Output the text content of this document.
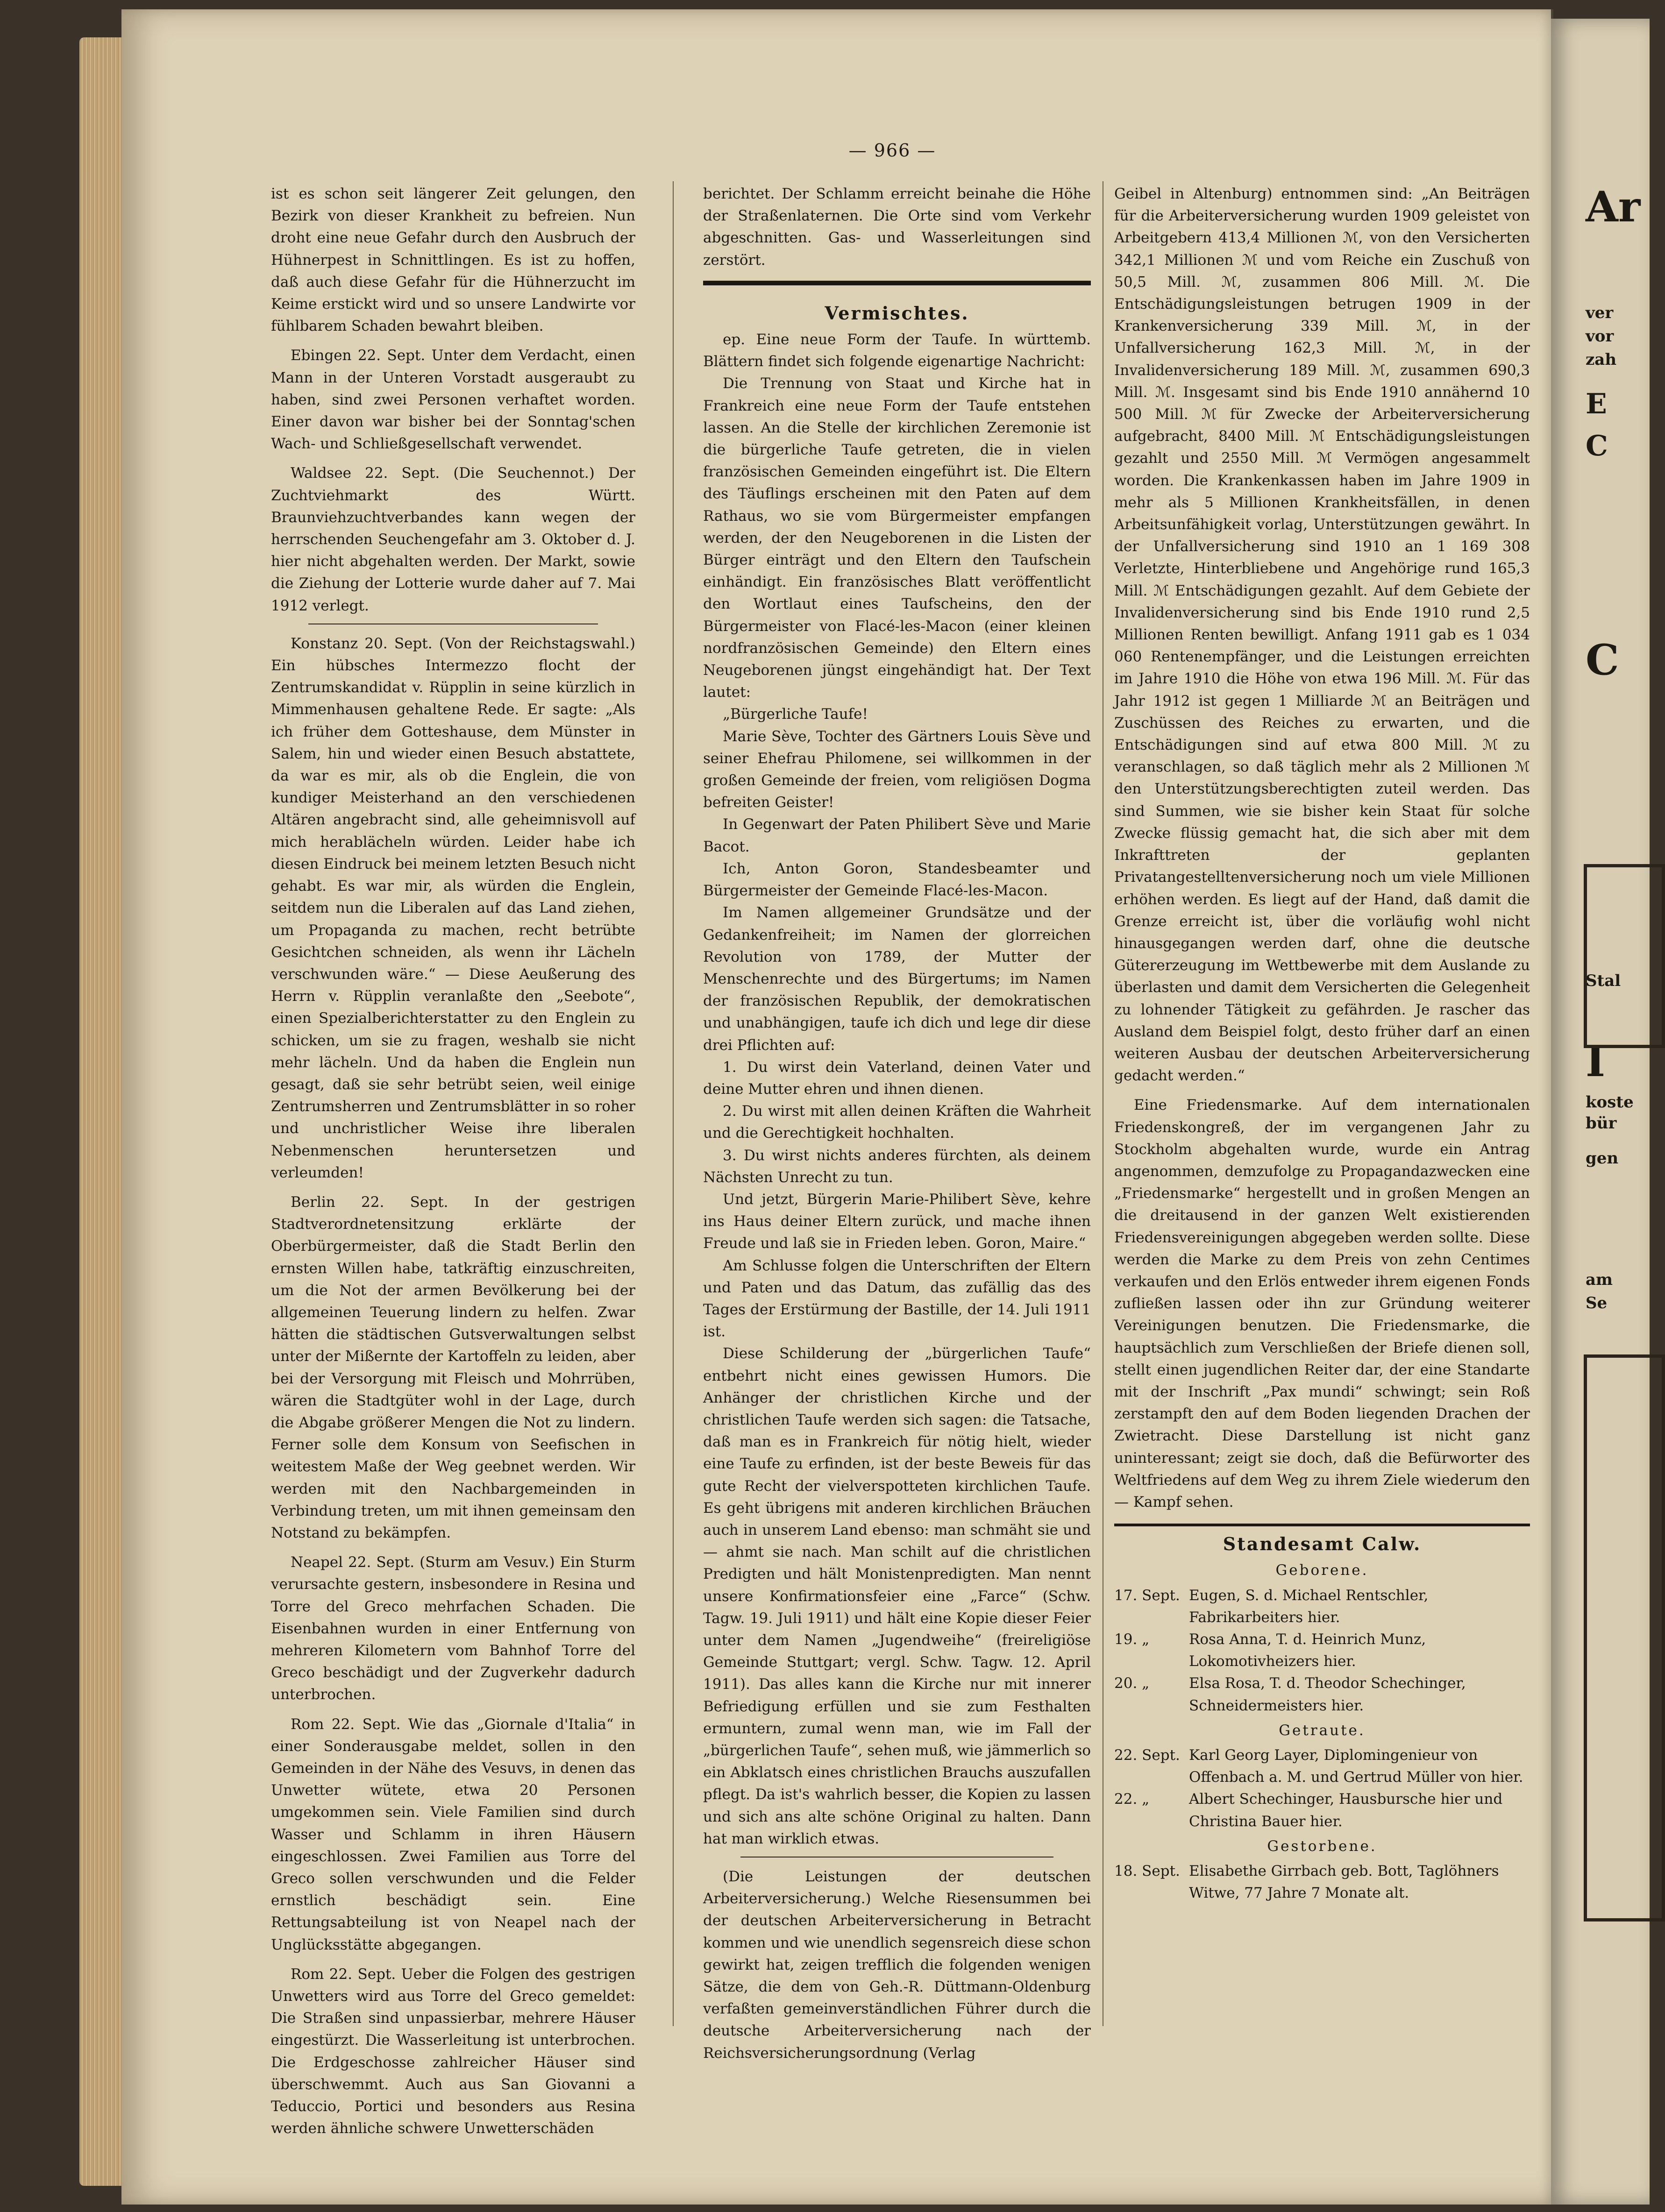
— 966 —

ist es schon seit längerer Zeit gelungen, den Bezirk von dieser Krankheit zu befreien. Nun droht eine neue Gefahr durch den Ausbruch der Hühnerpest in Schnittlingen. Es ist zu hoffen, daß auch diese Gefahr für die Hühnerzucht im Keime erstickt wird und so unsere Landwirte vor fühlbarem Schaden bewahrt bleiben.

Ebingen 22. Sept. Unter dem Verdacht, einen Mann in der Unteren Vorstadt ausgeraubt zu haben, sind zwei Personen verhaftet worden. Einer davon war bisher bei der Sonntag'schen Wach- und Schließgesellschaft verwendet.

Waldsee 22. Sept. (Die Seuchennot.) Der Zuchtviehmarkt des Württ. Braunviehzuchtverbandes kann wegen der herrschenden Seuchengefahr am 3. Oktober d. J. hier nicht abgehalten werden. Der Markt, sowie die Ziehung der Lotterie wurde daher auf 7. Mai 1912 verlegt.

Konstanz 20. Sept. (Von der Reichstagswahl.) Ein hübsches Intermezzo flocht der Zentrumskandidat v. Rüpplin in seine kürzlich in Mimmenhausen gehaltene Rede. Er sagte: „Als ich früher dem Gotteshause, dem Münster in Salem, hin und wieder einen Besuch abstattete, da war es mir, als ob die Englein, die von kundiger Meisterhand an den verschiedenen Altären angebracht sind, alle geheimnisvoll auf mich herablächeln würden. Leider habe ich diesen Eindruck bei meinem letzten Besuch nicht gehabt. Es war mir, als würden die Englein, seitdem nun die Liberalen auf das Land ziehen, um Propaganda zu machen, recht betrübte Gesichtchen schneiden, als wenn ihr Lächeln verschwunden wäre.“ — Diese Aeußerung des Herrn v. Rüpplin veranlaßte den „Seebote“, einen Spezialberichterstatter zu den Englein zu schicken, um sie zu fragen, weshalb sie nicht mehr lächeln. Und da haben die Englein nun gesagt, daß sie sehr betrübt seien, weil einige Zentrumsherren und Zentrumsblätter in so roher und unchristlicher Weise ihre liberalen Nebenmenschen heruntersetzen und verleumden!

Berlin 22. Sept. In der gestrigen Stadtverordnetensitzung erklärte der Oberbürgermeister, daß die Stadt Berlin den ernsten Willen habe, tatkräftig einzuschreiten, um die Not der armen Bevölkerung bei der allgemeinen Teuerung lindern zu helfen. Zwar hätten die städtischen Gutsverwaltungen selbst unter der Mißernte der Kartoffeln zu leiden, aber bei der Versorgung mit Fleisch und Mohrrüben, wären die Stadtgüter wohl in der Lage, durch die Abgabe größerer Mengen die Not zu lindern. Ferner solle dem Konsum von Seefischen in weitestem Maße der Weg geebnet werden. Wir werden mit den Nachbargemeinden in Verbindung treten, um mit ihnen gemeinsam den Notstand zu bekämpfen.

Neapel 22. Sept. (Sturm am Vesuv.) Ein Sturm verursachte gestern, insbesondere in Resina und Torre del Greco mehrfachen Schaden. Die Eisenbahnen wurden in einer Entfernung von mehreren Kilometern vom Bahnhof Torre del Greco beschädigt und der Zugverkehr dadurch unterbrochen.

Rom 22. Sept. Wie das „Giornale d'Italia“ in einer Sonderausgabe meldet, sollen in den Gemeinden in der Nähe des Vesuvs, in denen das Unwetter wütete, etwa 20 Personen umgekommen sein. Viele Familien sind durch Wasser und Schlamm in ihren Häusern eingeschlossen. Zwei Familien aus Torre del Greco sollen verschwunden und die Felder ernstlich beschädigt sein. Eine Rettungsabteilung ist von Neapel nach der Unglücksstätte abgegangen.

Rom 22. Sept. Ueber die Folgen des gestrigen Unwetters wird aus Torre del Greco gemeldet: Die Straßen sind unpassierbar, mehrere Häuser eingestürzt. Die Wasserleitung ist unterbrochen. Die Erdgeschosse zahlreicher Häuser sind überschwemmt. Auch aus San Giovanni a Teduccio, Portici und besonders aus Resina werden ähnliche schwere Unwetterschäden

berichtet. Der Schlamm erreicht beinahe die Höhe der Straßenlaternen. Die Orte sind vom Verkehr abgeschnitten. Gas- und Wasserleitungen sind zerstört.

Vermischtes.

ep. Eine neue Form der Taufe. In württemb. Blättern findet sich folgende eigenartige Nachricht:

Die Trennung von Staat und Kirche hat in Frankreich eine neue Form der Taufe entstehen lassen. An die Stelle der kirchlichen Zeremonie ist die bürgerliche Taufe getreten, die in vielen französischen Gemeinden eingeführt ist. Die Eltern des Täuflings erscheinen mit den Paten auf dem Rathaus, wo sie vom Bürgermeister empfangen werden, der den Neugeborenen in die Listen der Bürger einträgt und den Eltern den Taufschein einhändigt. Ein französisches Blatt veröffentlicht den Wortlaut eines Taufscheins, den der Bürgermeister von Flacé-les-Macon (einer kleinen nordfranzösischen Gemeinde) den Eltern eines Neugeborenen jüngst eingehändigt hat. Der Text lautet:

„Bürgerliche Taufe!

Marie Sève, Tochter des Gärtners Louis Sève und seiner Ehefrau Philomene, sei willkommen in der großen Gemeinde der freien, vom religiösen Dogma befreiten Geister!

In Gegenwart der Paten Philibert Sève und Marie Bacot.

Ich, Anton Goron, Standesbeamter und Bürgermeister der Gemeinde Flacé-les-Macon.

Im Namen allgemeiner Grundsätze und der Gedankenfreiheit; im Namen der glorreichen Revolution von 1789, der Mutter der Menschenrechte und des Bürgertums; im Namen der französischen Republik, der demokratischen und unabhängigen, taufe ich dich und lege dir diese drei Pflichten auf:

1. Du wirst dein Vaterland, deinen Vater und deine Mutter ehren und ihnen dienen.

2. Du wirst mit allen deinen Kräften die Wahrheit und die Gerechtigkeit hochhalten.

3. Du wirst nichts anderes fürchten, als deinem Nächsten Unrecht zu tun.

Und jetzt, Bürgerin Marie-Philibert Sève, kehre ins Haus deiner Eltern zurück, und mache ihnen Freude und laß sie in Frieden leben. Goron, Maire.“

Am Schlusse folgen die Unterschriften der Eltern und Paten und das Datum, das zufällig das des Tages der Erstürmung der Bastille, der 14. Juli 1911 ist.

Diese Schilderung der „bürgerlichen Taufe“ entbehrt nicht eines gewissen Humors. Die Anhänger der christlichen Kirche und der christlichen Taufe werden sich sagen: die Tatsache, daß man es in Frankreich für nötig hielt, wieder eine Taufe zu erfinden, ist der beste Beweis für das gute Recht der vielverspotteten kirchlichen Taufe. Es geht übrigens mit anderen kirchlichen Bräuchen auch in unserem Land ebenso: man schmäht sie und — ahmt sie nach. Man schilt auf die christlichen Predigten und hält Monistenpredigten. Man nennt unsere Konfirmationsfeier eine „Farce“ (Schw. Tagw. 19. Juli 1911) und hält eine Kopie dieser Feier unter dem Namen „Jugendweihe“ (freireligiöse Gemeinde Stuttgart; vergl. Schw. Tagw. 12. April 1911). Das alles kann die Kirche nur mit innerer Befriedigung erfüllen und sie zum Festhalten ermuntern, zumal wenn man, wie im Fall der „bürgerlichen Taufe“, sehen muß, wie jämmerlich so ein Abklatsch eines christlichen Brauchs auszufallen pflegt. Da ist's wahrlich besser, die Kopien zu lassen und sich ans alte schöne Original zu halten. Dann hat man wirklich etwas.

(Die Leistungen der deutschen Arbeiterversicherung.) Welche Riesensummen bei der deutschen Arbeiterversicherung in Betracht kommen und wie unendlich segensreich diese schon gewirkt hat, zeigen trefflich die folgenden wenigen Sätze, die dem von Geh.-R. Düttmann-Oldenburg verfaßten gemeinverständlichen Führer durch die deutsche Arbeiterversicherung nach der Reichsversicherungsordnung (Verlag

Geibel in Altenburg) entnommen sind: „An Beiträgen für die Arbeiterversicherung wurden 1909 geleistet von Arbeitgebern 413,4 Millionen ℳ, von den Versicherten 342,1 Millionen ℳ und vom Reiche ein Zuschuß von 50,5 Mill. ℳ, zusammen 806 Mill. ℳ. Die Entschädigungsleistungen betrugen 1909 in der Krankenversicherung 339 Mill. ℳ, in der Unfallversicherung 162,3 Mill. ℳ, in der Invalidenversicherung 189 Mill. ℳ, zusammen 690,3 Mill. ℳ. Insgesamt sind bis Ende 1910 annähernd 10 500 Mill. ℳ für Zwecke der Arbeiterversicherung aufgebracht, 8400 Mill. ℳ Entschädigungsleistungen gezahlt und 2550 Mill. ℳ Vermögen angesammelt worden. Die Krankenkassen haben im Jahre 1909 in mehr als 5 Millionen Krankheitsfällen, in denen Arbeitsunfähigkeit vorlag, Unterstützungen gewährt. In der Unfallversicherung sind 1910 an 1 169 308 Verletzte, Hinterbliebene und Angehörige rund 165,3 Mill. ℳ Entschädigungen gezahlt. Auf dem Gebiete der Invalidenversicherung sind bis Ende 1910 rund 2,5 Millionen Renten bewilligt. Anfang 1911 gab es 1 034 060 Rentenempfänger, und die Leistungen erreichten im Jahre 1910 die Höhe von etwa 196 Mill. ℳ. Für das Jahr 1912 ist gegen 1 Milliarde ℳ an Beiträgen und Zuschüssen des Reiches zu erwarten, und die Entschädigungen sind auf etwa 800 Mill. ℳ zu veranschlagen, so daß täglich mehr als 2 Millionen ℳ den Unterstützungsberechtigten zuteil werden. Das sind Summen, wie sie bisher kein Staat für solche Zwecke flüssig gemacht hat, die sich aber mit dem Inkrafttreten der geplanten Privatangestelltenversicherung noch um viele Millionen erhöhen werden. Es liegt auf der Hand, daß damit die Grenze erreicht ist, über die vorläufig wohl nicht hinausgegangen werden darf, ohne die deutsche Gütererzeugung im Wettbewerbe mit dem Auslande zu überlasten und damit dem Versicherten die Gelegenheit zu lohnender Tätigkeit zu gefährden. Je rascher das Ausland dem Beispiel folgt, desto früher darf an einen weiteren Ausbau der deutschen Arbeiterversicherung gedacht werden.“

Eine Friedensmarke. Auf dem internationalen Friedenskongreß, der im vergangenen Jahr zu Stockholm abgehalten wurde, wurde ein Antrag angenommen, demzufolge zu Propagandazwecken eine „Friedensmarke“ hergestellt und in großen Mengen an die dreitausend in der ganzen Welt existierenden Friedensvereinigungen abgegeben werden sollte. Diese werden die Marke zu dem Preis von zehn Centimes verkaufen und den Erlös entweder ihrem eigenen Fonds zufließen lassen oder ihn zur Gründung weiterer Vereinigungen benutzen. Die Friedensmarke, die hauptsächlich zum Verschließen der Briefe dienen soll, stellt einen jugendlichen Reiter dar, der eine Standarte mit der Inschrift „Pax mundi“ schwingt; sein Roß zerstampft den auf dem Boden liegenden Drachen der Zwietracht. Diese Darstellung ist nicht ganz uninteressant; zeigt sie doch, daß die Befürworter des Weltfriedens auf dem Weg zu ihrem Ziele wiederum den — Kampf sehen.

Standesamt Calw.
Geborene.
17. Sept. Eugen, S. d. Michael Rentschler, Fabrikarbeiters hier.
19. „	Rosa Anna, T. d. Heinrich Munz, Lokomotivheizers hier.
20. „	Elsa Rosa, T. d. Theodor Schechinger, Schneidermeisters hier.
Getraute.
22. Sept. Karl Georg Layer, Diplomingenieur von Offenbach a. M. und Gertrud Müller von hier.
22. „	Albert Schechinger, Hausbursche hier und Christina Bauer hier.
Gestorbene.
18. Sept. Elisabethe Girrbach geb. Bott, Taglöhners Witwe, 77 Jahre 7 Monate alt.
Ar
ver
vor
zah
E
C
C
Stal
I
koste
bür
gen
am
Se
